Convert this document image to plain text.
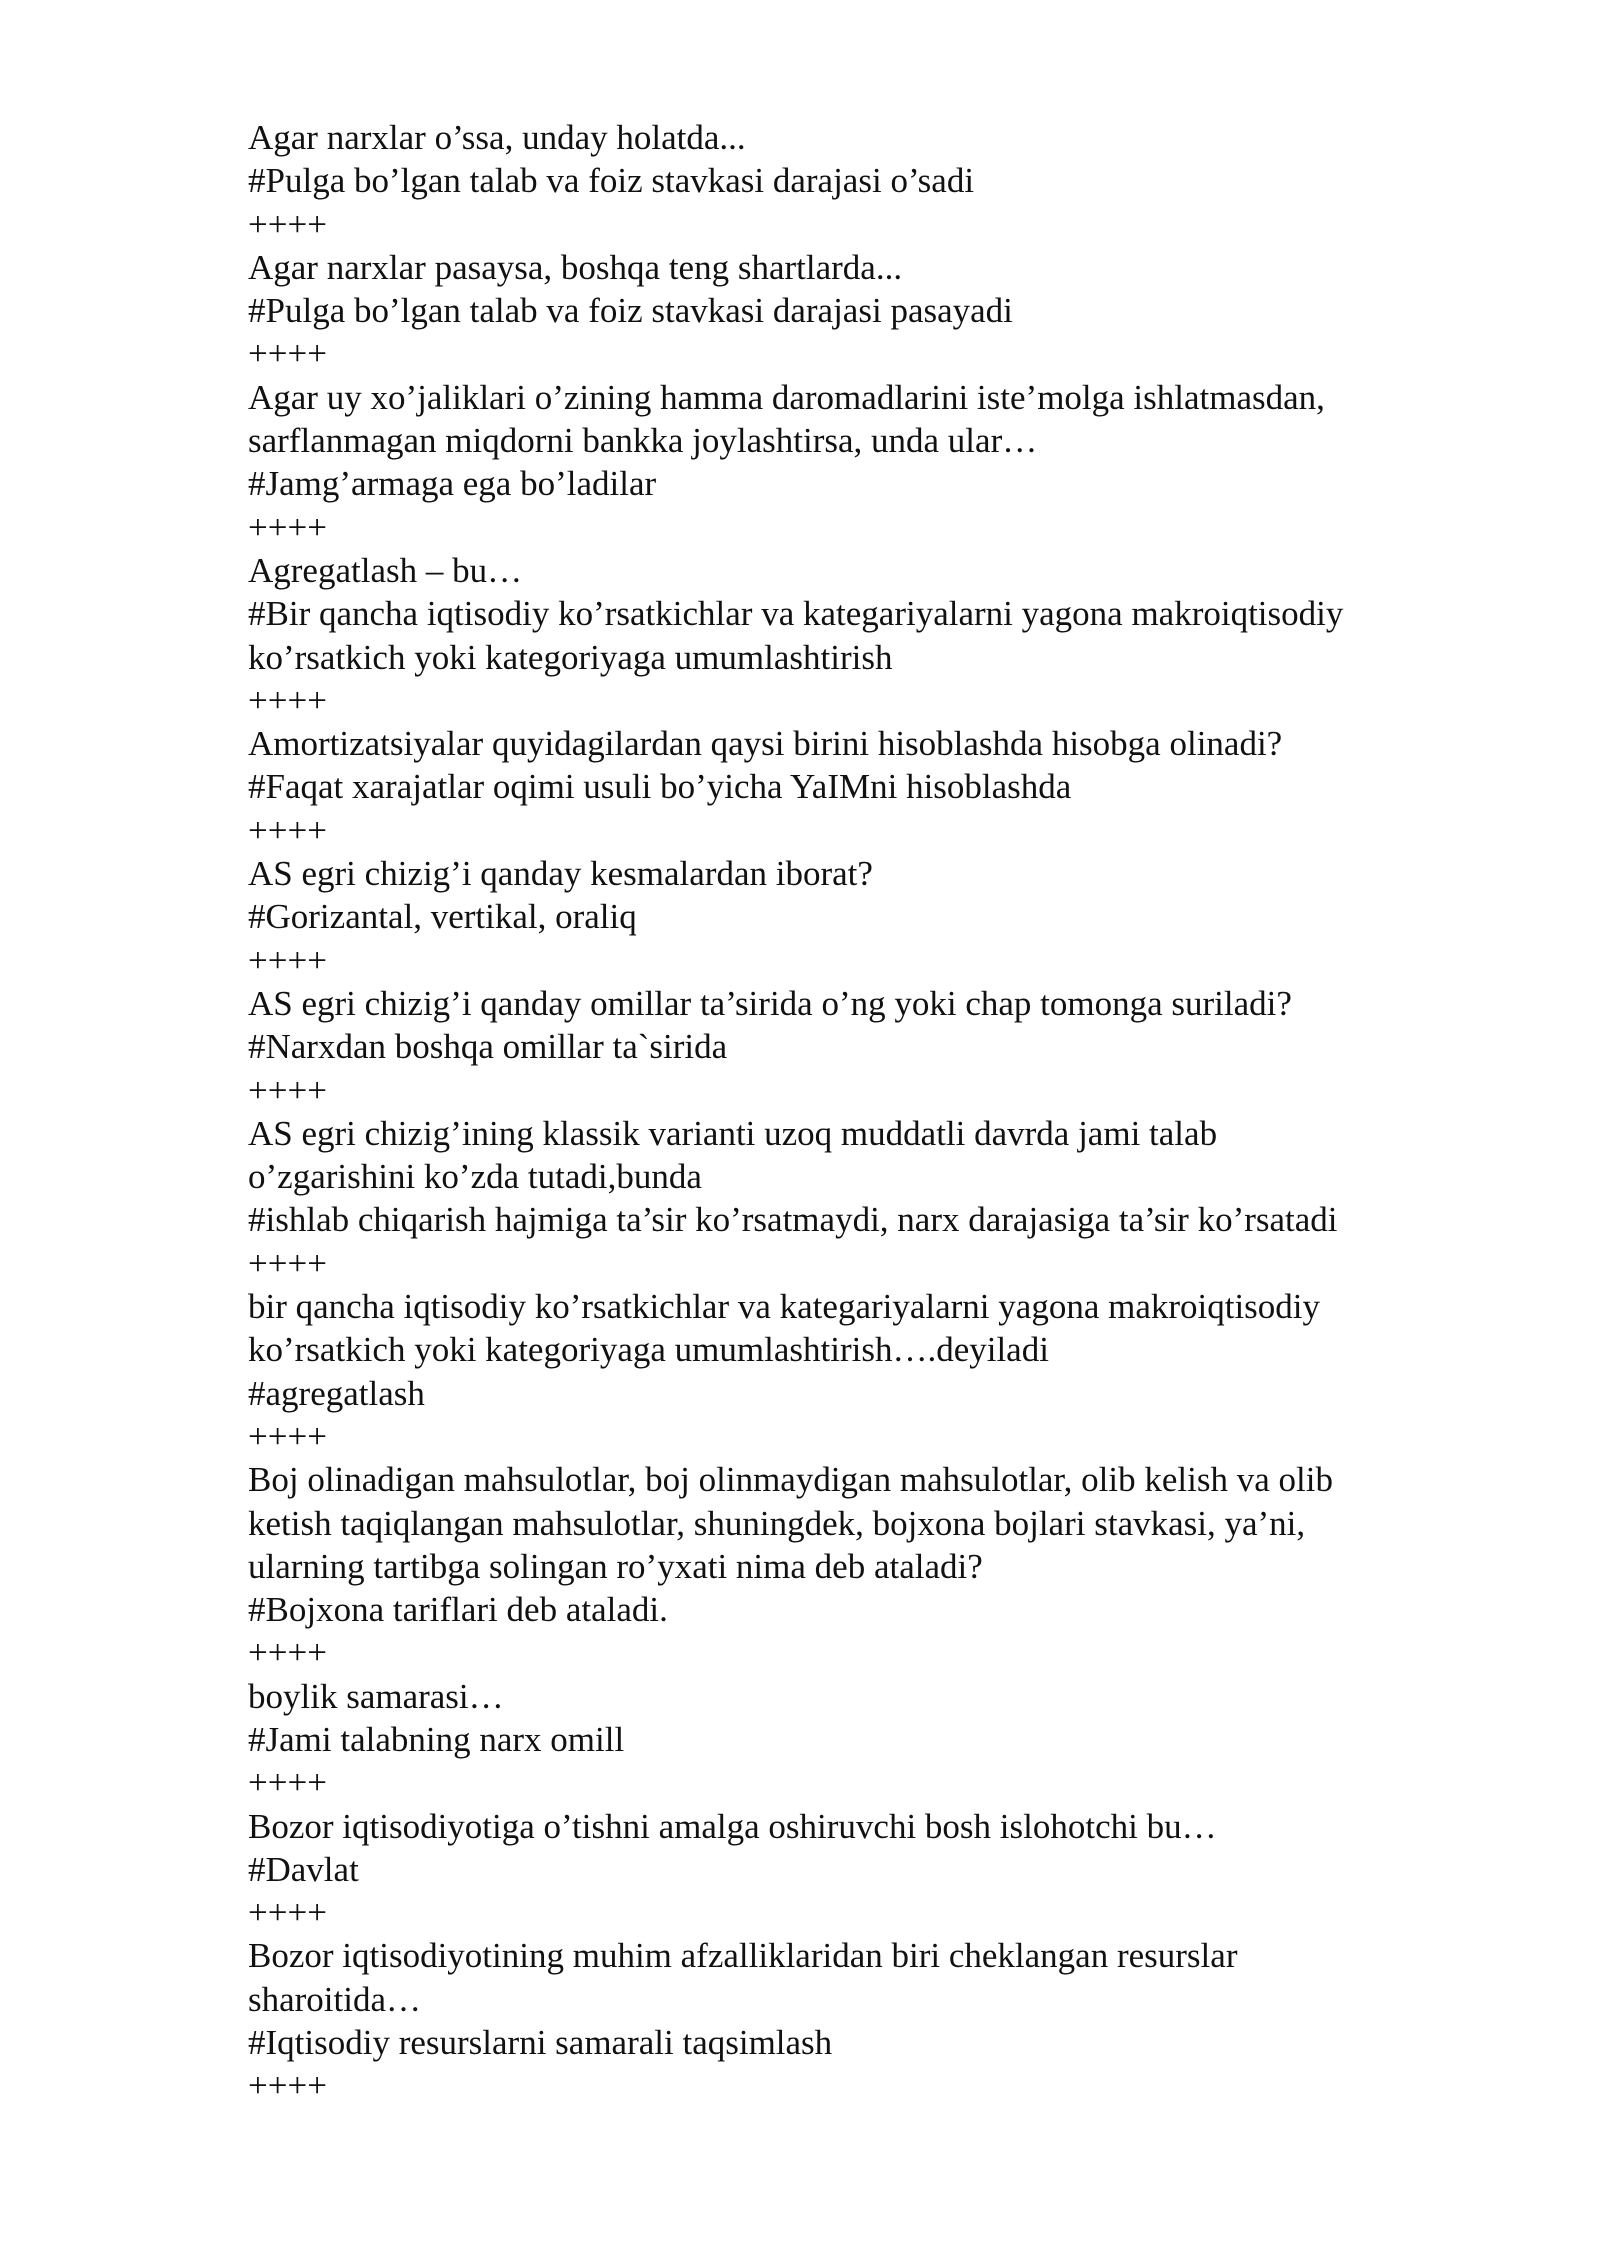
Agar narxlar o’ssa, unday holatda...
#Pulga bo’lgan talab va foiz stavkasi darajasi o’sadi
++++
Agar narxlar pasaysa, boshqa teng shartlarda...
#Pulga bo’lgan talab va foiz stavkasi darajasi pasayadi
++++
Agar uy xo’jaliklari o’zining hamma daromadlarini iste’molga ishlatmasdan,
sarflanmagan miqdorni bankka joylashtirsa, unda ular…
#Jamg’armaga ega bo’ladilar
++++
Agregatlash – bu…
#Bir qancha iqtisodiy ko’rsatkichlar va kategariyalarni yagona makroiqtisodiy
ko’rsatkich yoki kategoriyaga umumlashtirish
++++
Amortizatsiyalar quyidagilardan qaysi birini hisoblashda hisobga olinadi?
#Faqat xarajatlar oqimi usuli bo’yicha YaIMni hisoblashda
++++
AS egri chizig’i qanday kesmalardan iborat?
#Gorizantal, vertikal, oraliq
++++
AS egri chizig’i qanday omillar ta’sirida o’ng yoki chap tomonga suriladi?
#Narxdan boshqa omillar ta`sirida
++++
AS egri chizig’ining klassik varianti uzoq muddatli davrda jami talab
o’zgarishini ko’zda tutadi,bunda
#ishlab chiqarish hajmiga ta’sir ko’rsatmaydi, narx darajasiga ta’sir ko’rsatadi
++++
bir qancha iqtisodiy ko’rsatkichlar va kategariyalarni yagona makroiqtisodiy
ko’rsatkich yoki kategoriyaga umumlashtirish….deyiladi
#agregatlash
++++
Boj olinadigan mahsulotlar, boj olinmaydigan mahsulotlar, olib kelish va olib
ketish taqiqlangan mahsulotlar, shuningdek, bojxona bojlari stavkasi, ya’ni,
ularning tartibga solingan ro’yxati nima deb ataladi?
#Bojxona tariflari deb ataladi.
++++
boylik samarasi…
#Jami talabning narx omill
++++
Bozor iqtisodiyotiga o’tishni amalga oshiruvchi bosh islohotchi bu…
#Davlat
++++
Bozor iqtisodiyotining muhim afzalliklaridan biri cheklangan resurslar
sharoitida…
#Iqtisodiy resurslarni samarali taqsimlash
++++
